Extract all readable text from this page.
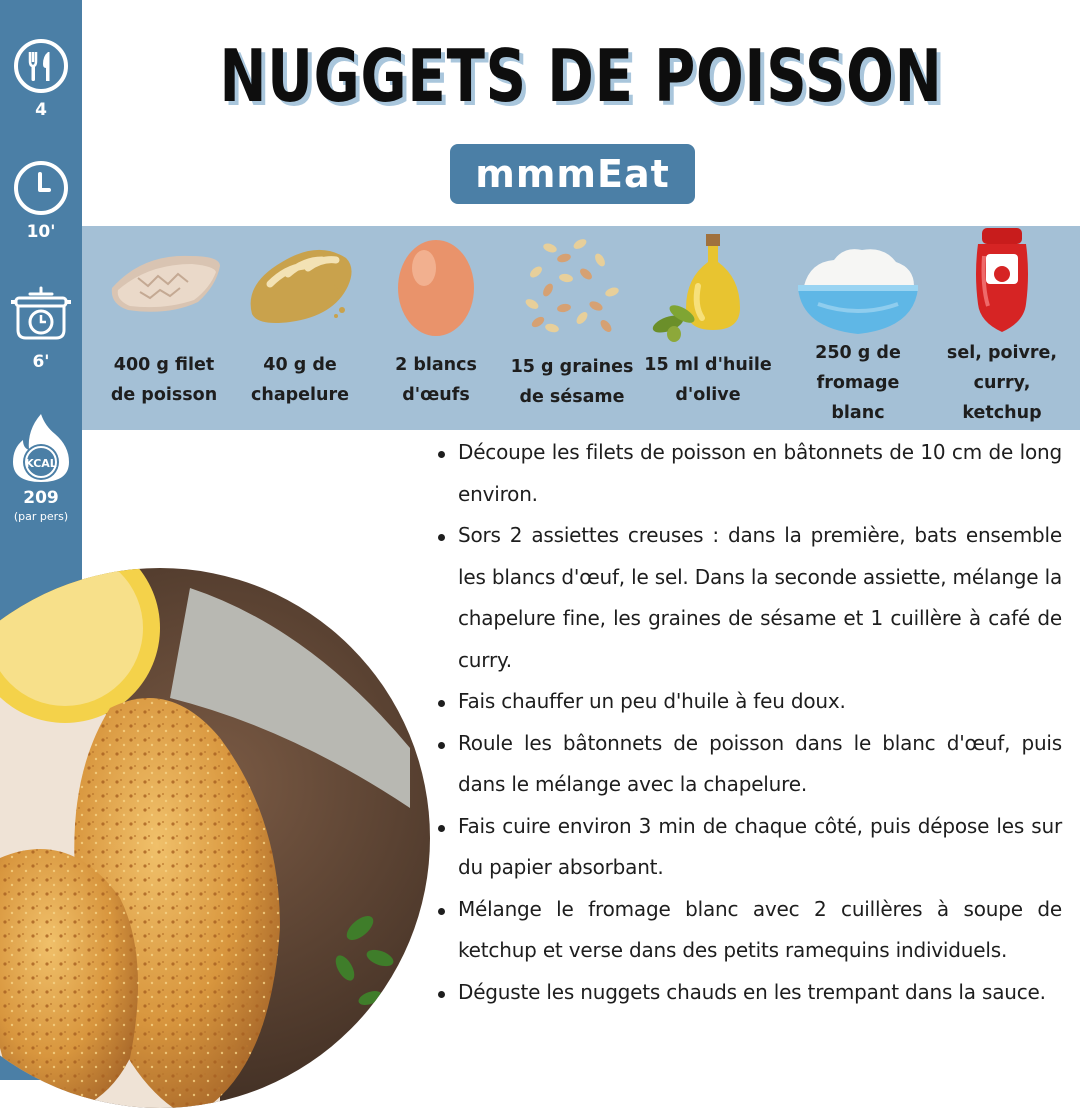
4
10'
6'
KCAL
209
(par pers)
NUGGETS DE POISSON
mmmEat
400 g filet
de poisson
40 g de
chapelure
2 blancs
d'œufs
15 g graines
de sésame
15 ml d'huile
d'olive
250 g de
fromage
blanc
sel, poivre,
curry,
ketchup
Découpe les filets de poisson en bâtonnets de 10 cm de long environ.
Sors 2 assiettes creuses : dans la première, bats ensemble les blancs d'œuf, le sel. Dans la seconde assiette, mélange la chapelure fine, les graines de sésame et 1 cuillère à café de curry.
Fais chauffer un peu d'huile à feu doux.
Roule les bâtonnets de poisson dans le blanc d'œuf, puis dans le mélange avec la chapelure.
Fais cuire environ 3 min de chaque côté, puis dépose les sur du papier absorbant.
Mélange le fromage blanc avec 2 cuillères à soupe de ketchup et verse dans des petits ramequins individuels.
Déguste les nuggets chauds en les trempant dans la sauce.
